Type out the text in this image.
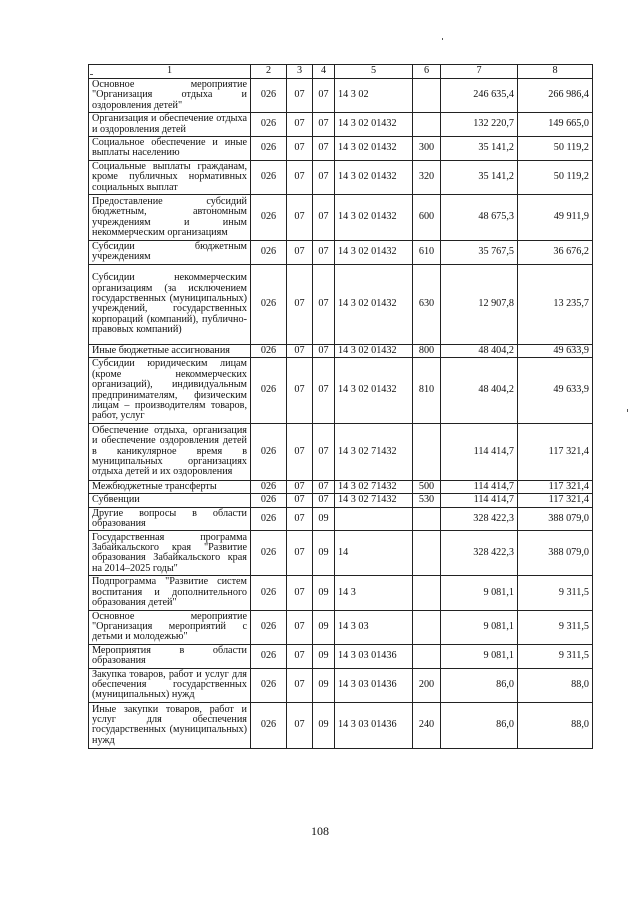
1	2	3	4	5	6	7	8
Основное мероприятие "Организация отдыха и оздоровления детей"	026	07	07	14 3 02		246 635,4	266 986,4
Организация и обеспечение отдыха и оздоровления детей	026	07	07	14 3 02 01432		132 220,7	149 665,0
Социальное обеспечение и иные выплаты населению	026	07	07	14 3 02 01432	300	35 141,2	50 119,2
Социальные выплаты гражданам, кроме публичных нормативных социальных выплат	026	07	07	14 3 02 01432	320	35 141,2	50 119,2
Предоставление субсидий бюджетным, автономным учреждениям и иным некоммерческим организациям	026	07	07	14 3 02 01432	600	48 675,3	49 911,9
Субсидии бюджетным учреждениям	026	07	07	14 3 02 01432	610	35 767,5	36 676,2
Субсидии некоммерческим организациям (за исключением государственных (муниципальных) учреждений, государственных корпораций (компаний), публично-правовых компаний)	026	07	07	14 3 02 01432	630	12 907,8	13 235,7
Иные бюджетные ассигнования	026	07	07	14 3 02 01432	800	48 404,2	49 633,9
Субсидии юридическим лицам (кроме некоммерческих организаций), индивидуальным предпринимателям, физическим лицам – производителям товаров, работ, услуг	026	07	07	14 3 02 01432	810	48 404,2	49 633,9
Обеспечение отдыха, организация и обеспечение оздоровления детей в каникулярное время в муниципальных организациях отдыха детей и их оздоровления	026	07	07	14 3 02 71432		114 414,7	117 321,4
Межбюджетные трансферты	026	07	07	14 3 02 71432	500	114 414,7	117 321,4
Субвенции	026	07	07	14 3 02 71432	530	114 414,7	117 321,4
Другие вопросы в области образования	026	07	09			328 422,3	388 079,0
Государственная программа Забайкальского края "Развитие образования Забайкальского края на 2014–2025 годы"	026	07	09	14		328 422,3	388 079,0
Подпрограмма "Развитие систем воспитания и дополнительного образования детей"	026	07	09	14 3		9 081,1	9 311,5
Основное мероприятие "Организация мероприятий с детьми и молодежью"	026	07	09	14 3 03		9 081,1	9 311,5
Мероприятия в области образования	026	07	09	14 3 03 01436		9 081,1	9 311,5
Закупка товаров, работ и услуг для обеспечения государственных (муниципальных) нужд	026	07	09	14 3 03 01436	200	86,0	88,0
Иные закупки товаров, работ и услуг для обеспечения государственных (муниципальных) нужд	026	07	09	14 3 03 01436	240	86,0	88,0
108
